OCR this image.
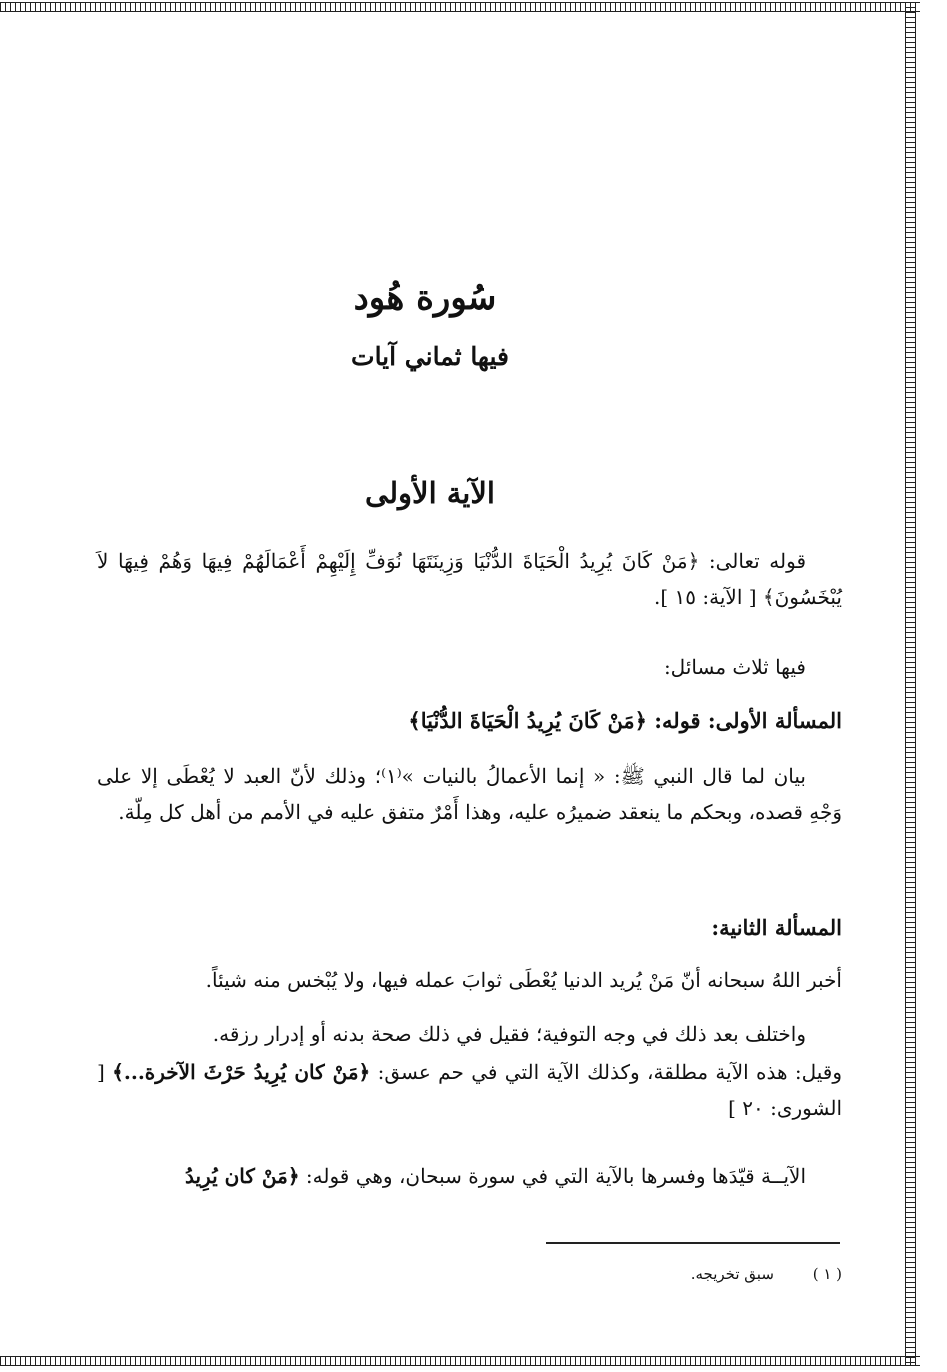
سُورة هُود
فيها ثماني آيات
الآية الأولى
قوله تعالى: ﴿مَنْ كَانَ يُرِيدُ الْحَيَاةَ الدُّنْيَا وَزِينَتَهَا نُوَفِّ إِلَيْهِمْ أَعْمَالَهُمْ فِيهَا وَهُمْ فِيهَا لاَ يُبْخَسُونَ﴾ [ الآية: ١٥ ].
فيها ثلاث مسائل:
المسألة الأولى: قوله: ﴿مَنْ كَانَ يُرِيدُ الْحَيَاةَ الدُّنْيَا﴾
بيان لما قال النبي ﷺ: « إنما الأعمالُ بالنيات »⁽١⁾؛ وذلك لأنّ العبد لا يُعْطَى إلا على وَجْهِ قصده، وبحكم ما ينعقد ضميرُه عليه، وهذا أَمْرٌ متفق عليه في الأمم من أهل كل مِلّة.
المسألة الثانية:
أخبر اللهُ سبحانه أنّ مَنْ يُريد الدنيا يُعْطَى ثوابَ عمله فيها، ولا يُبْخس منه شيئاً.
واختلف بعد ذلك في وجه التوفية؛ فقيل في ذلك صحة بدنه أو إدرار رزقه.
وقيل: هذه الآية مطلقة، وكذلك الآية التي في حم عسق: ﴿مَنْ كان يُرِيدُ حَرْثَ الآخرة...﴾ [ الشورى: ٢٠ ]
الآيــة قيّدَها وفسرها بالآية التي في سورة سبحان، وهي قوله: ﴿مَنْ كان يُرِيدُ
( ١ ) سبق تخريجه.
